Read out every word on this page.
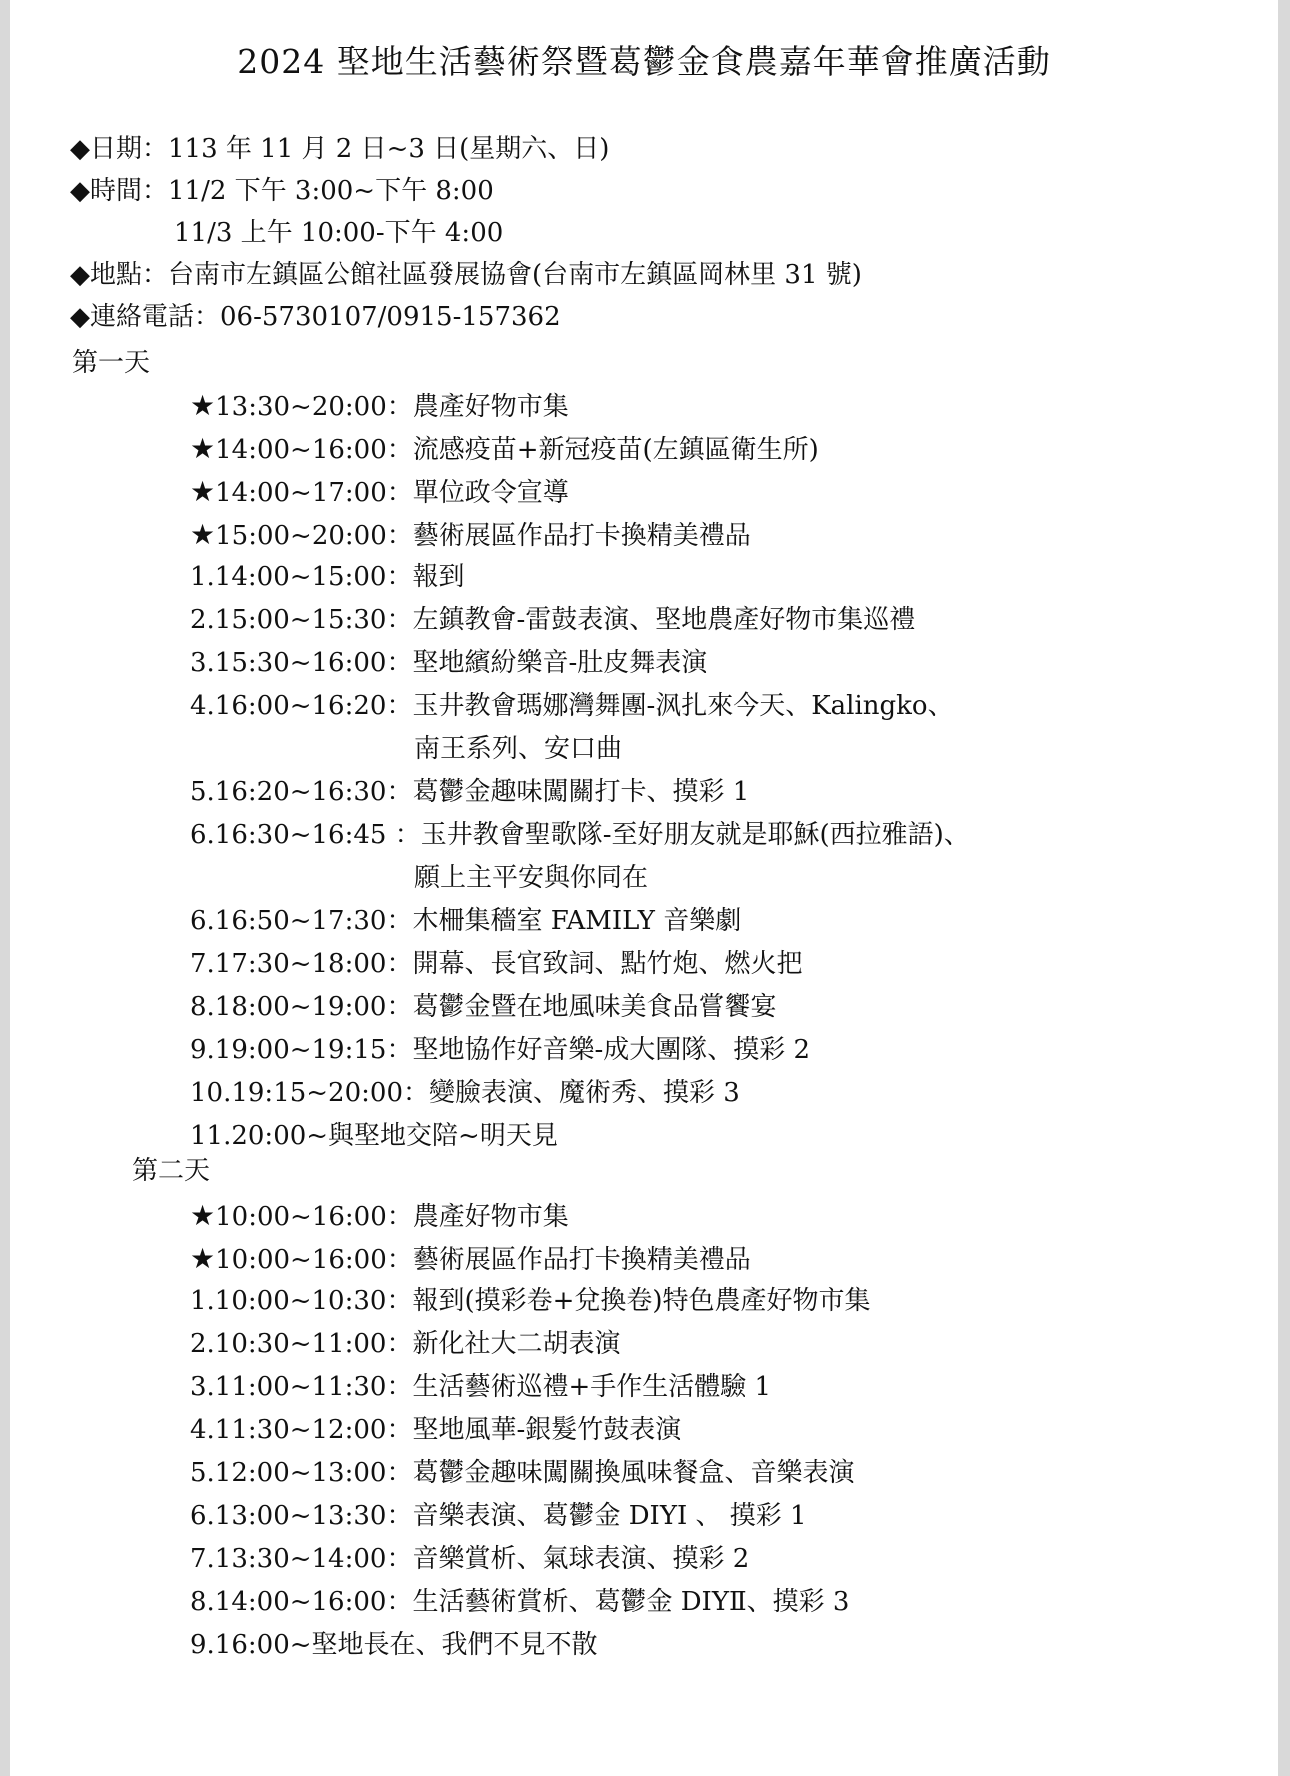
2024 埾地生活藝術祭暨葛鬱金食農嘉年華會推廣活動
◆日期：113 年 11 月 2 日~3 日(星期六、日)
◆時間：11/2 下午 3:00~下午 8:00
11/3 上午 10:00-下午 4:00
◆地點：台南市左鎮區公館社區發展協會(台南市左鎮區岡林里 31 號)
◆連絡電話：06-5730107/0915-157362
第一天
★13:30~20:00：農產好物市集
★14:00~16:00：流感疫苗+新冠疫苗(左鎮區衛生所)
★14:00~17:00：單位政令宣導
★15:00~20:00：藝術展區作品打卡換精美禮品
1.14:00~15:00：報到
2.15:00~15:30：左鎮教會-雷鼓表演、埾地農產好物市集巡禮
3.15:30~16:00：埾地繽紛樂音-肚皮舞表演
4.16:00~16:20：玉井教會瑪娜灣舞團-沨扎來今天、Kalingko、
南王系列、安口曲
5.16:20~16:30：葛鬱金趣味闖關打卡、摸彩 1
6.16:30~16:45 ：玉井教會聖歌隊-至好朋友就是耶穌(西拉雅語)、
願上主平安與你同在
6.16:50~17:30：木柵集穡室 FAMILY 音樂劇
7.17:30~18:00：開幕、長官致詞、點竹炮、燃火把
8.18:00~19:00：葛鬱金暨在地風味美食品嘗饗宴
9.19:00~19:15：埾地協作好音樂-成大團隊、摸彩 2
10.19:15~20:00：變臉表演、魔術秀、摸彩 3
11.20:00~與埾地交陪~明天見
第二天
★10:00~16:00：農產好物市集
★10:00~16:00：藝術展區作品打卡換精美禮品
1.10:00~10:30：報到(摸彩卷+兌換卷)特色農產好物市集
2.10:30~11:00：新化社大二胡表演
3.11:00~11:30：生活藝術巡禮+手作生活體驗 1
4.11:30~12:00：埾地風華-銀髮竹鼓表演
5.12:00~13:00：葛鬱金趣味闖關換風味餐盒、音樂表演
6.13:00~13:30：音樂表演、葛鬱金 DIYⅠ 、 摸彩 1
7.13:30~14:00：音樂賞析、氣球表演、摸彩 2
8.14:00~16:00：生活藝術賞析、葛鬱金 DIYⅡ、摸彩 3
9.16:00~埾地長在、我們不見不散
